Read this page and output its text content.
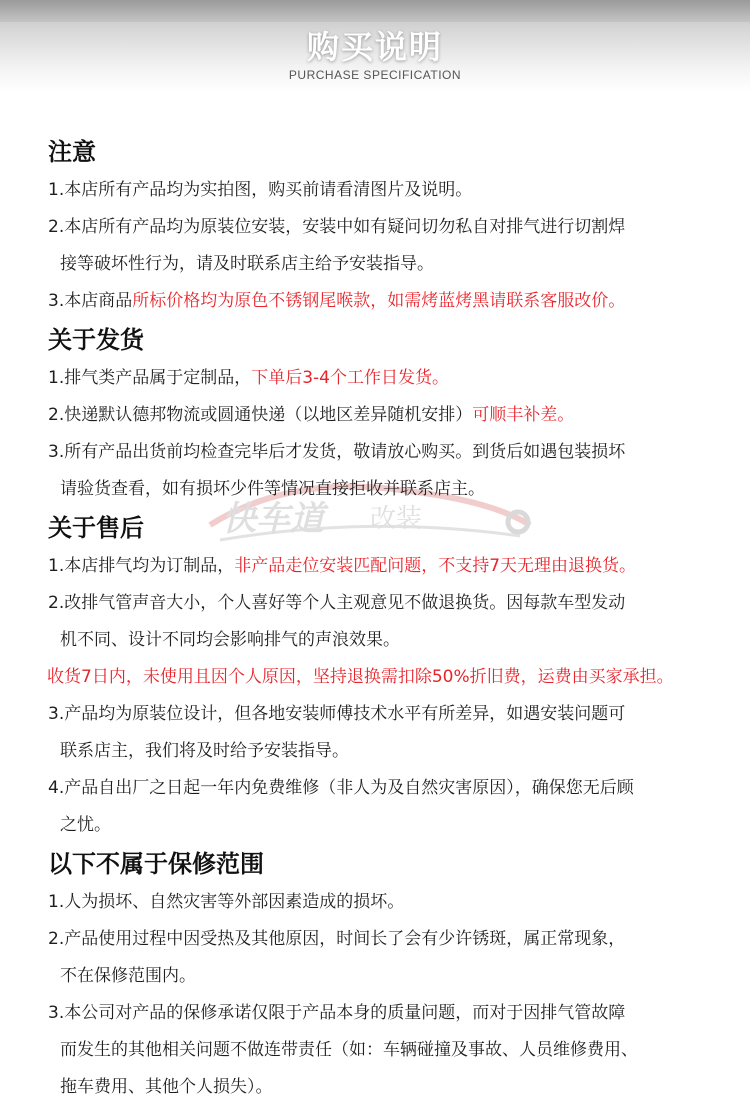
购买说明
PURCHASE SPECIFICATION
快车道 改装
注意
1.本店所有产品均为实拍图，购买前请看清图片及说明。
2.本店所有产品均为原装位安装，安装中如有疑问切勿私自对排气进行切割焊
接等破坏性行为，请及时联系店主给予安装指导。
3.本店商品所标价格均为原色不锈钢尾喉款，如需烤蓝烤黑请联系客服改价。
关于发货
1.排气类产品属于定制品，下单后3-4个工作日发货。
2.快递默认德邦物流或圆通快递（以地区差异随机安排）可顺丰补差。
3.所有产品出货前均检查完毕后才发货，敬请放心购买。到货后如遇包装损坏
请验货查看，如有损坏少件等情况直接拒收并联系店主。
关于售后
1.本店排气均为订制品，非产品走位安装匹配问题，不支持7天无理由退换货。
2.改排气管声音大小，个人喜好等个人主观意见不做退换货。因每款车型发动
机不同、设计不同均会影响排气的声浪效果。
收货7日内，未使用且因个人原因，坚持退换需扣除50%折旧费，运费由买家承担。
3.产品均为原装位设计，但各地安装师傅技术水平有所差异，如遇安装问题可
联系店主，我们将及时给予安装指导。
4.产品自出厂之日起一年内免费维修（非人为及自然灾害原因），确保您无后顾
之忧。
以下不属于保修范围
1.人为损坏、自然灾害等外部因素造成的损坏。
2.产品使用过程中因受热及其他原因，时间长了会有少许锈斑，属正常现象，
不在保修范围内。
3.本公司对产品的保修承诺仅限于产品本身的质量问题，而对于因排气管故障
而发生的其他相关问题不做连带责任（如：车辆碰撞及事故、人员维修费用、
拖车费用、其他个人损失）。
